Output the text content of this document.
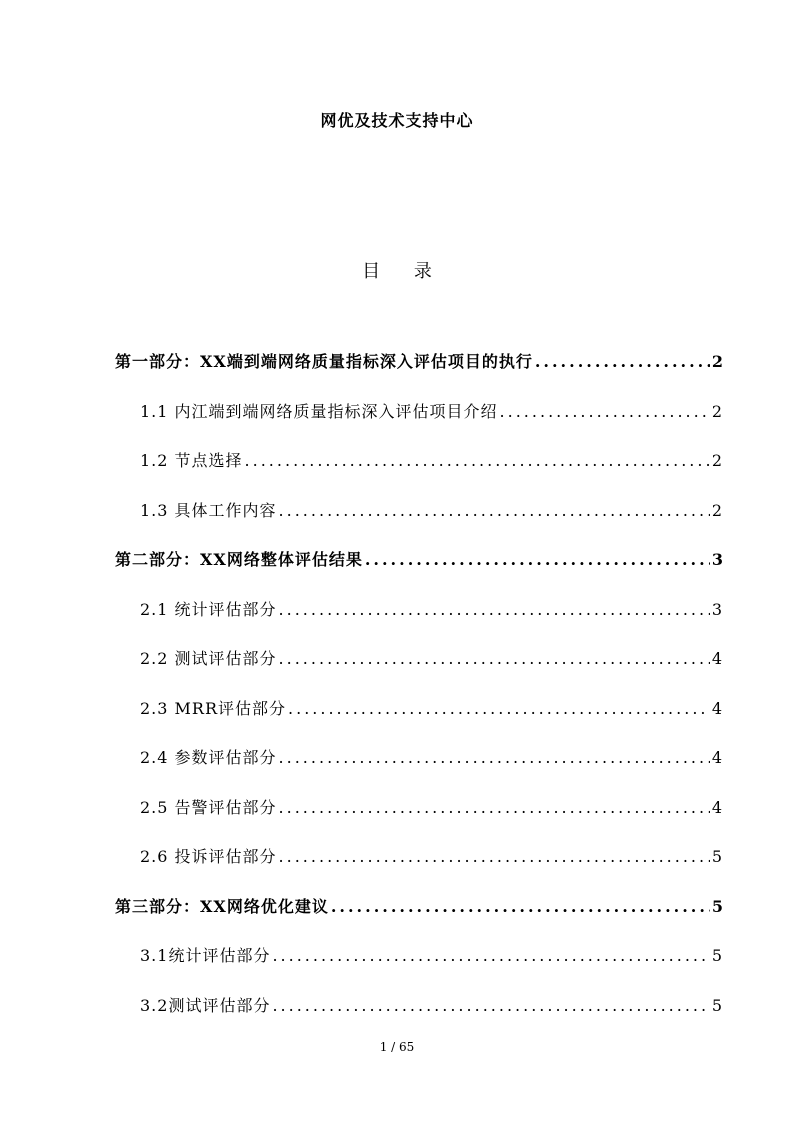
网优及技术支持中心
目 录
第一部分：XX端到端网络质量指标深入评估项目的执行 .....	2
1.1 内江端到端网络质量指标深入评估项目介绍 .....	2
1.2 节点选择 .....	2
1.3 具体工作内容 .....	2
第二部分：XX网络整体评估结果 .....	3
2.1 统计评估部分 .....	3
2.2 测试评估部分 .....	4
2.3 MRR评估部分 .....	4
2.4 参数评估部分 .....	4
2.5 告警评估部分 .....	4
2.6 投诉评估部分 .....	5
第三部分：XX网络优化建议 .....	5
3.1统计评估部分 .....	5
3.2测试评估部分 .....	5
1 / 65
